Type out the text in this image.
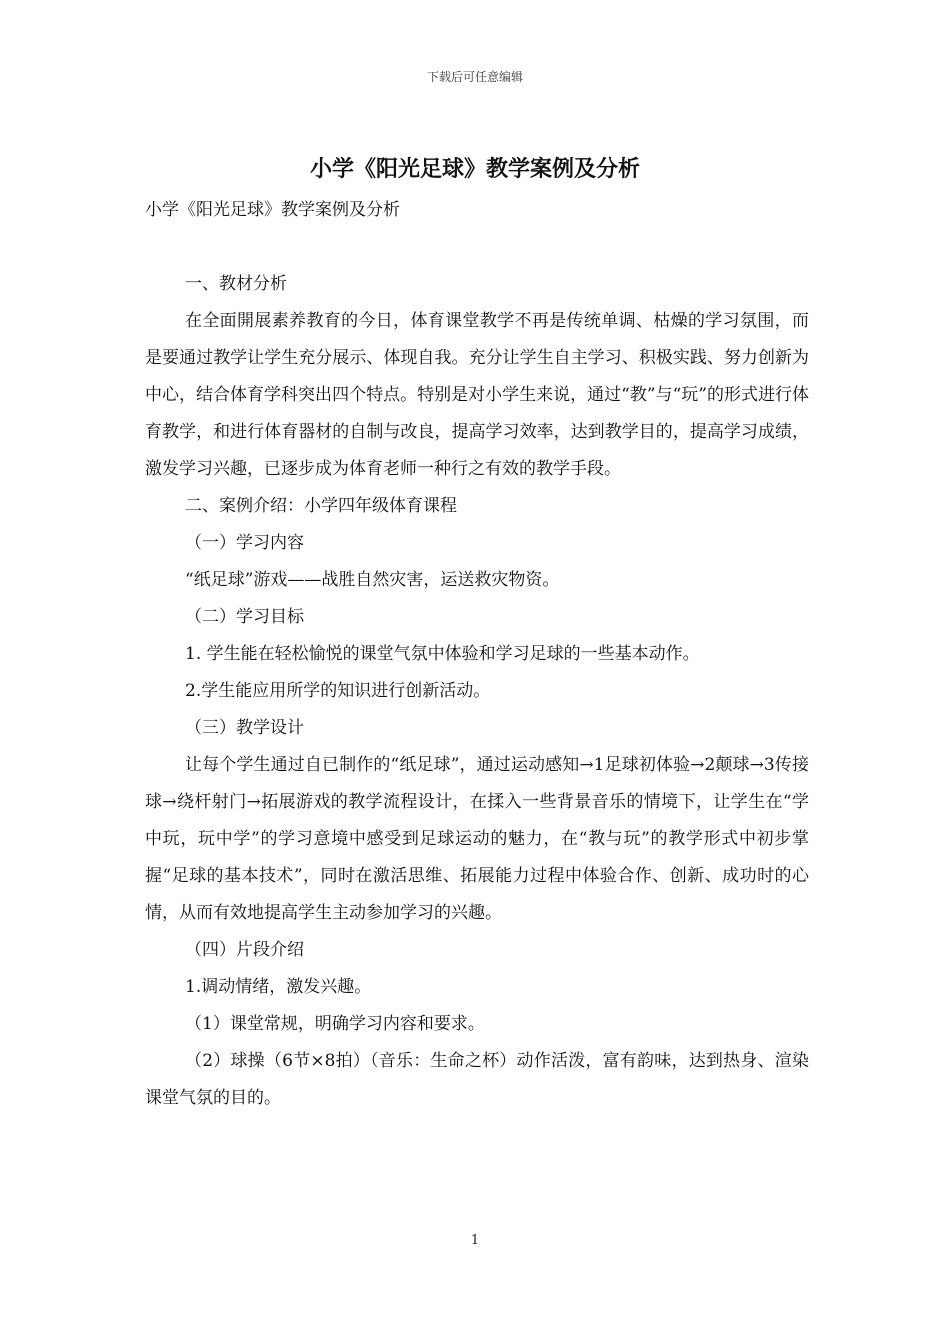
下载后可任意编辑
小学《阳光足球》教学案例及分析

小学《阳光足球》教学案例及分析

一、教材分析

在全面開展素养教育的今日，体育课堂教学不再是传统单调、枯燥的学习氛围，而是要通过教学让学生充分展示、体现自我。充分让学生自主学习、积极实践、努力创新为中心，结合体育学科突出四个特点。特别是对小学生来说，通过“教”与“玩”的形式进行体育教学，和进行体育器材的自制与改良，提高学习效率，达到教学目的，提高学习成绩，激发学习兴趣，已逐步成为体育老师一种行之有效的教学手段。

二、案例介绍：小学四年级体育课程

（一）学习内容

“纸足球”游戏——战胜自然灾害，运送救灾物资。

（二）学习目标

1. 学生能在轻松愉悦的课堂气氛中体验和学习足球的一些基本动作。

2.学生能应用所学的知识进行创新活动。

（三）教学设计

让每个学生通过自已制作的“纸足球”，通过运动感知→1足球初体验→2颠球→3传接球→绕杆射门→拓展游戏的教学流程设计，在揉入一些背景音乐的情境下，让学生在“学中玩，玩中学”的学习意境中感受到足球运动的魅力，在“教与玩”的教学形式中初步掌握“足球的基本技术”，同时在激活思维、拓展能力过程中体验合作、创新、成功时的心情，从而有效地提高学生主动参加学习的兴趣。

（四）片段介绍

1.调动情绪，激发兴趣。

（1）课堂常规，明确学习内容和要求。

（2）球操（6节×8拍）（音乐：生命之杯）动作活泼，富有韵味，达到热身、渲染课堂气氛的目的。

1
